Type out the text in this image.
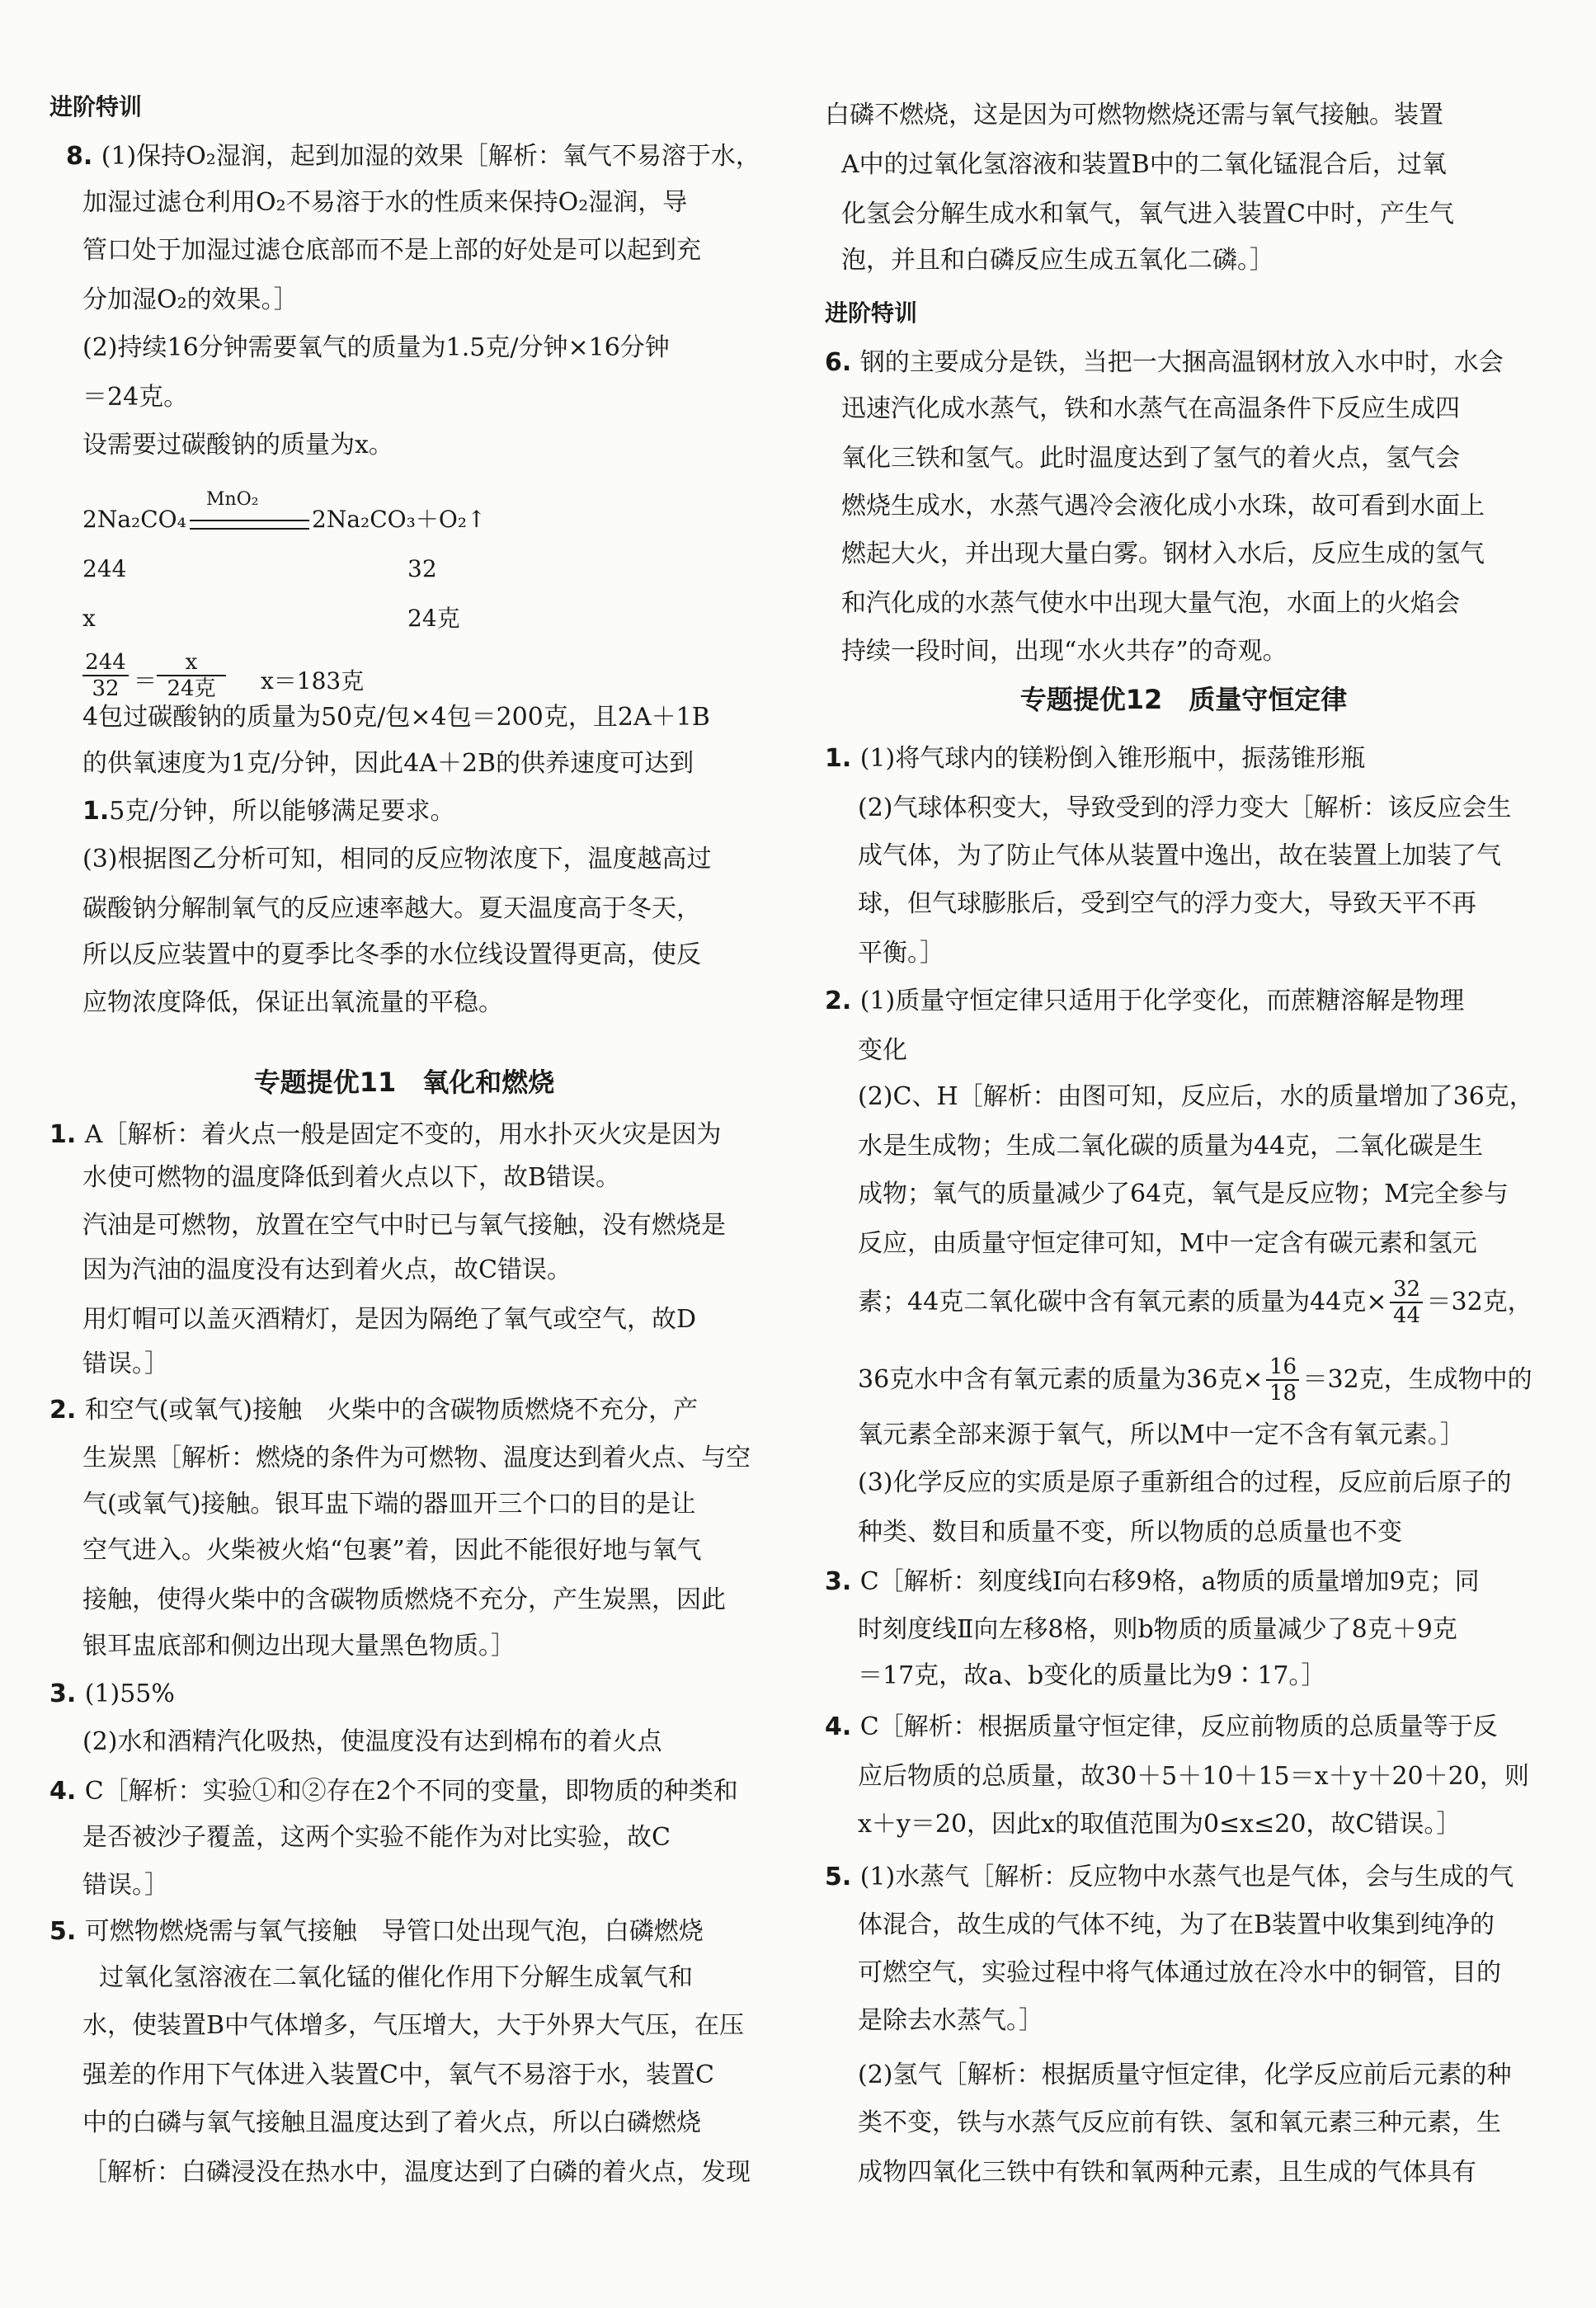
进阶特训
8. (1)保持O₂湿润，起到加湿的效果［解析：氧气不易溶于水，
加湿过滤仓利用O₂不易溶于水的性质来保持O₂湿润，导
管口处于加湿过滤仓底部而不是上部的好处是可以起到充
分加湿O₂的效果。］
(2)持续16分钟需要氧气的质量为1.5克/分钟×16分钟
＝24克。
设需要过碳酸钠的质量为x。
4包过碳酸钠的质量为50克/包×4包＝200克，且2A＋1B
的供氧速度为1克/分钟，因此4A＋2B的供养速度可达到
1.5克/分钟，所以能够满足要求。
(3)根据图乙分析可知，相同的反应物浓度下，温度越高过
碳酸钠分解制氧气的反应速率越大。夏天温度高于冬天，
所以反应装置中的夏季比冬季的水位线设置得更高，使反
应物浓度降低，保证出氧流量的平稳。
专题提优11　氧化和燃烧
1. A［解析：着火点一般是固定不变的，用水扑灭火灾是因为
水使可燃物的温度降低到着火点以下，故B错误。
汽油是可燃物，放置在空气中时已与氧气接触，没有燃烧是
因为汽油的温度没有达到着火点，故C错误。
用灯帽可以盖灭酒精灯，是因为隔绝了氧气或空气，故D
错误。］
2. 和空气(或氧气)接触　火柴中的含碳物质燃烧不充分，产
生炭黑［解析：燃烧的条件为可燃物、温度达到着火点、与空
气(或氧气)接触。银耳盅下端的器皿开三个口的目的是让
空气进入。火柴被火焰“包裹”着，因此不能很好地与氧气
接触，使得火柴中的含碳物质燃烧不充分，产生炭黑，因此
银耳盅底部和侧边出现大量黑色物质。］
3. (1)55%
(2)水和酒精汽化吸热，使温度没有达到棉布的着火点
4. C［解析：实验①和②存在2个不同的变量，即物质的种类和
是否被沙子覆盖，这两个实验不能作为对比实验，故C
错误。］
5. 可燃物燃烧需与氧气接触　导管口处出现气泡，白磷燃烧
过氧化氢溶液在二氧化锰的催化作用下分解生成氧气和
水，使装置B中气体增多，气压增大，大于外界大气压，在压
强差的作用下气体进入装置C中，氧气不易溶于水，装置C
中的白磷与氧气接触且温度达到了着火点，所以白磷燃烧
［解析：白磷浸没在热水中，温度达到了白磷的着火点，发现
2Na₂CO₄
MnO₂
2Na₂CO₃＋O₂↑
244	32
x	24克
244
32 ＝
x
24克	x＝183克
白磷不燃烧，这是因为可燃物燃烧还需与氧气接触。装置
A中的过氧化氢溶液和装置B中的二氧化锰混合后，过氧
化氢会分解生成水和氧气，氧气进入装置C中时，产生气
泡，并且和白磷反应生成五氧化二磷。］
进阶特训
6. 钢的主要成分是铁，当把一大捆高温钢材放入水中时，水会
迅速汽化成水蒸气，铁和水蒸气在高温条件下反应生成四
氧化三铁和氢气。此时温度达到了氢气的着火点，氢气会
燃烧生成水，水蒸气遇冷会液化成小水珠，故可看到水面上
燃起大火，并出现大量白雾。钢材入水后，反应生成的氢气
和汽化成的水蒸气使水中出现大量气泡，水面上的火焰会
持续一段时间，出现“水火共存”的奇观。
专题提优12　质量守恒定律
1. (1)将气球内的镁粉倒入锥形瓶中，振荡锥形瓶
(2)气球体积变大，导致受到的浮力变大［解析：该反应会生
成气体，为了防止气体从装置中逸出，故在装置上加装了气
球，但气球膨胀后，受到空气的浮力变大，导致天平不再
平衡。］
2. (1)质量守恒定律只适用于化学变化，而蔗糖溶解是物理
变化
(2)C、H［解析：由图可知，反应后，水的质量增加了36克，
水是生成物；生成二氧化碳的质量为44克，二氧化碳是生
成物；氧气的质量减少了64克，氧气是反应物；M完全参与
反应，由质量守恒定律可知，M中一定含有碳元素和氢元
氧元素全部来源于氧气，所以M中一定不含有氧元素。］
(3)化学反应的实质是原子重新组合的过程，反应前后原子的
种类、数目和质量不变，所以物质的总质量也不变
3. C［解析：刻度线Ⅰ向右移9格，a物质的质量增加9克；同
时刻度线Ⅱ向左移8格，则b物质的质量减少了8克＋9克
＝17克，故a、b变化的质量比为9∶17。］
4. C［解析：根据质量守恒定律，反应前物质的总质量等于反
应后物质的总质量，故30＋5＋10＋15＝x＋y＋20＋20，则
x＋y＝20，因此x的取值范围为0≤x≤20，故C错误。］
5. (1)水蒸气［解析：反应物中水蒸气也是气体，会与生成的气
体混合，故生成的气体不纯，为了在B装置中收集到纯净的
可燃空气，实验过程中将气体通过放在冷水中的铜管，目的
是除去水蒸气。］
(2)氢气［解析：根据质量守恒定律，化学反应前后元素的种
类不变，铁与水蒸气反应前有铁、氢和氧元素三种元素，生
成物四氧化三铁中有铁和氧两种元素，且生成的气体具有
素；44克二氧化碳中含有氧元素的质量为44克× 32
44 ＝32克，
36克水中含有氧元素的质量为36克× 16
18 ＝32克，生成物中的
